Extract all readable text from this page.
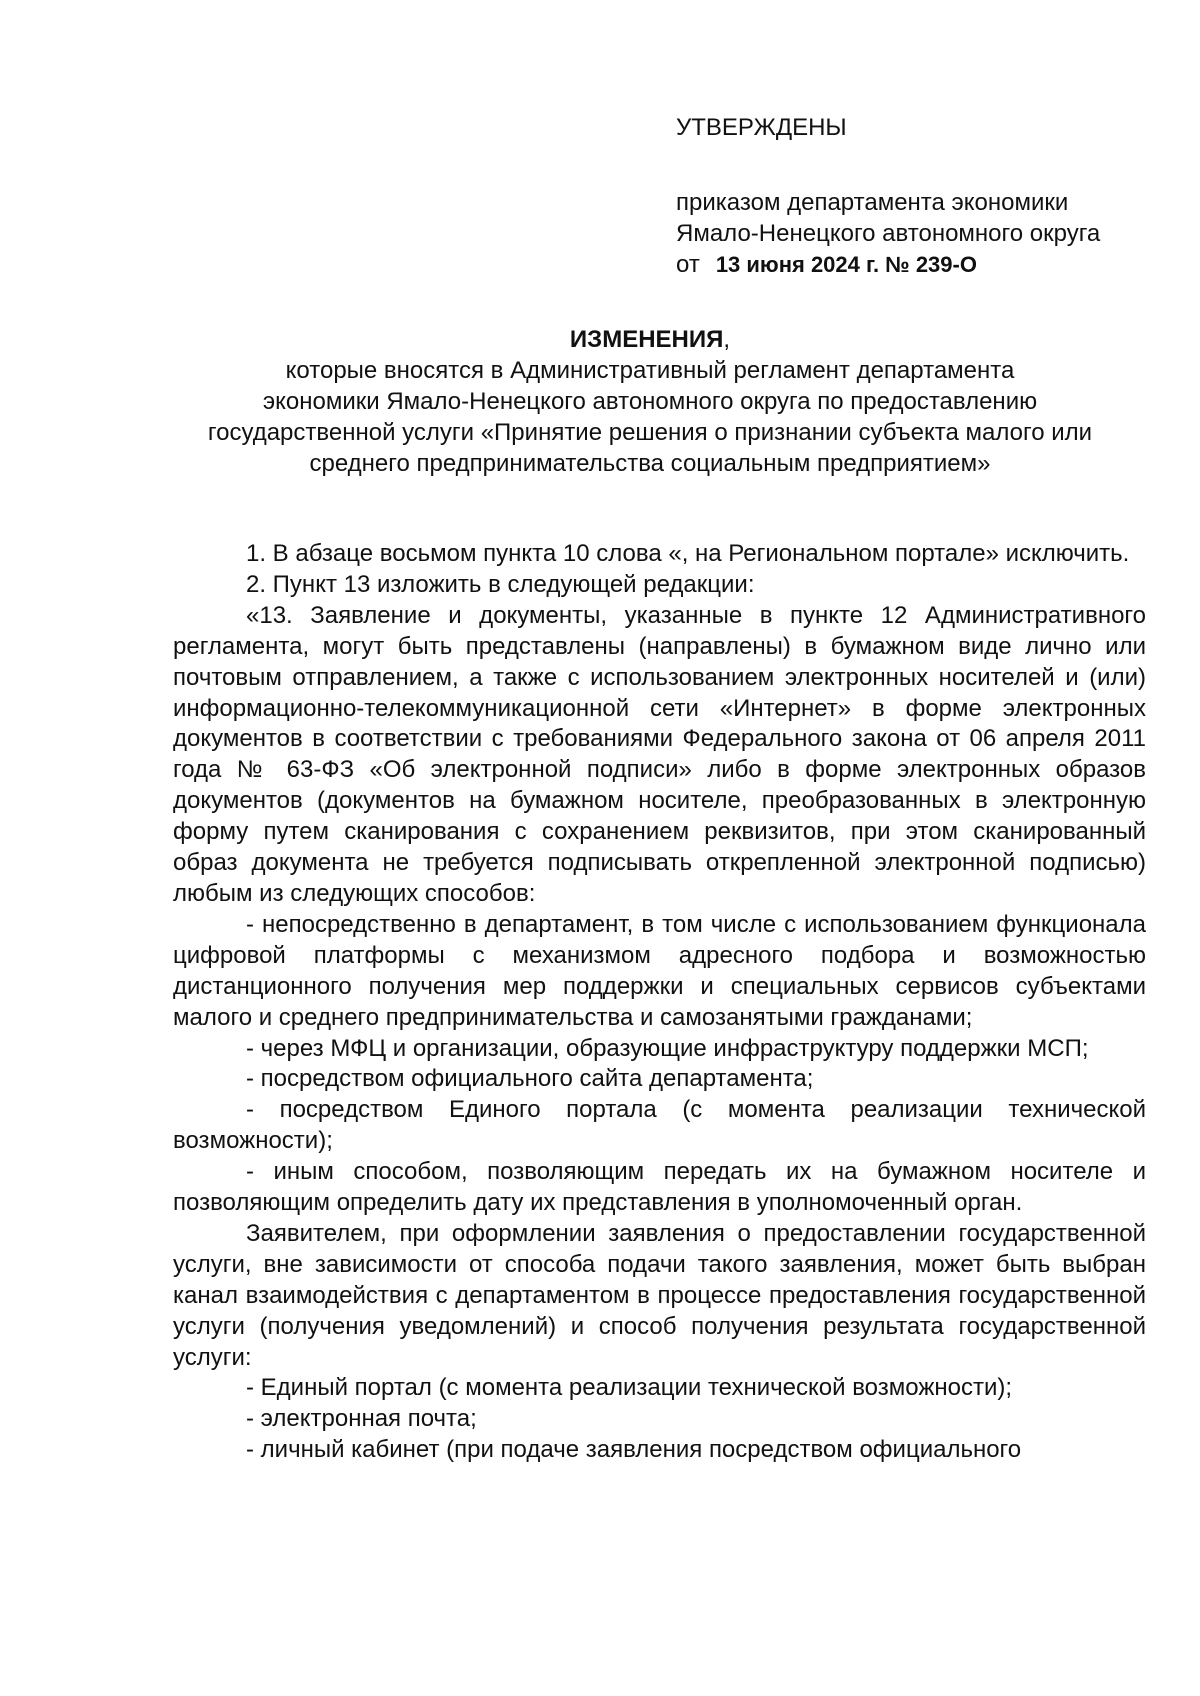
УТВЕРЖДЕНЫ
приказом департамента экономики
Ямало-Ненецкого автономного округа
от 13 июня 2024 г. № 239-О
ИЗМЕНЕНИЯ,
которые вносятся в Административный регламент департамента
экономики Ямало-Ненецкого автономного округа по предоставлению
государственной услуги «Принятие решения о признании субъекта малого или
среднего предпринимательства социальным предприятием»

1. В абзаце восьмом пункта 10 слова «, на Региональном портале» исключить.

2. Пункт 13 изложить в следующей редакции:

«13. Заявление и документы, указанные в пункте 12 Административного регламента, могут быть представлены (направлены) в бумажном виде лично или почтовым отправлением, а также с использованием электронных носителей и (или) информационно-телекоммуникационной сети «Интернет» в форме электронных документов в соответствии с требованиями Федерального закона от 06 апреля 2011 года № 63-ФЗ «Об электронной подписи» либо в форме электронных образов документов (документов на бумажном носителе, преобразованных в электронную форму путем сканирования с сохранением реквизитов, при этом сканированный образ документа не требуется подписывать открепленной электронной подписью) любым из следующих способов:

- непосредственно в департамент, в том числе с использованием функционала цифровой платформы с механизмом адресного подбора и возможностью дистанционного получения мер поддержки и специальных сервисов субъектами малого и среднего предпринимательства и самозанятыми гражданами;

- через МФЦ и организации, образующие инфраструктуру поддержки МСП;

- посредством официального сайта департамента;

- посредством Единого портала (с момента реализации технической возможности);

- иным способом, позволяющим передать их на бумажном носителе и позволяющим определить дату их представления в уполномоченный орган.

Заявителем, при оформлении заявления о предоставлении государственной услуги, вне зависимости от способа подачи такого заявления, может быть выбран канал взаимодействия с департаментом в процессе предоставления государственной услуги (получения уведомлений) и способ получения результата государственной услуги:

- Единый портал (с момента реализации технической возможности);

- электронная почта;

- личный кабинет (при подаче заявления посредством официального
